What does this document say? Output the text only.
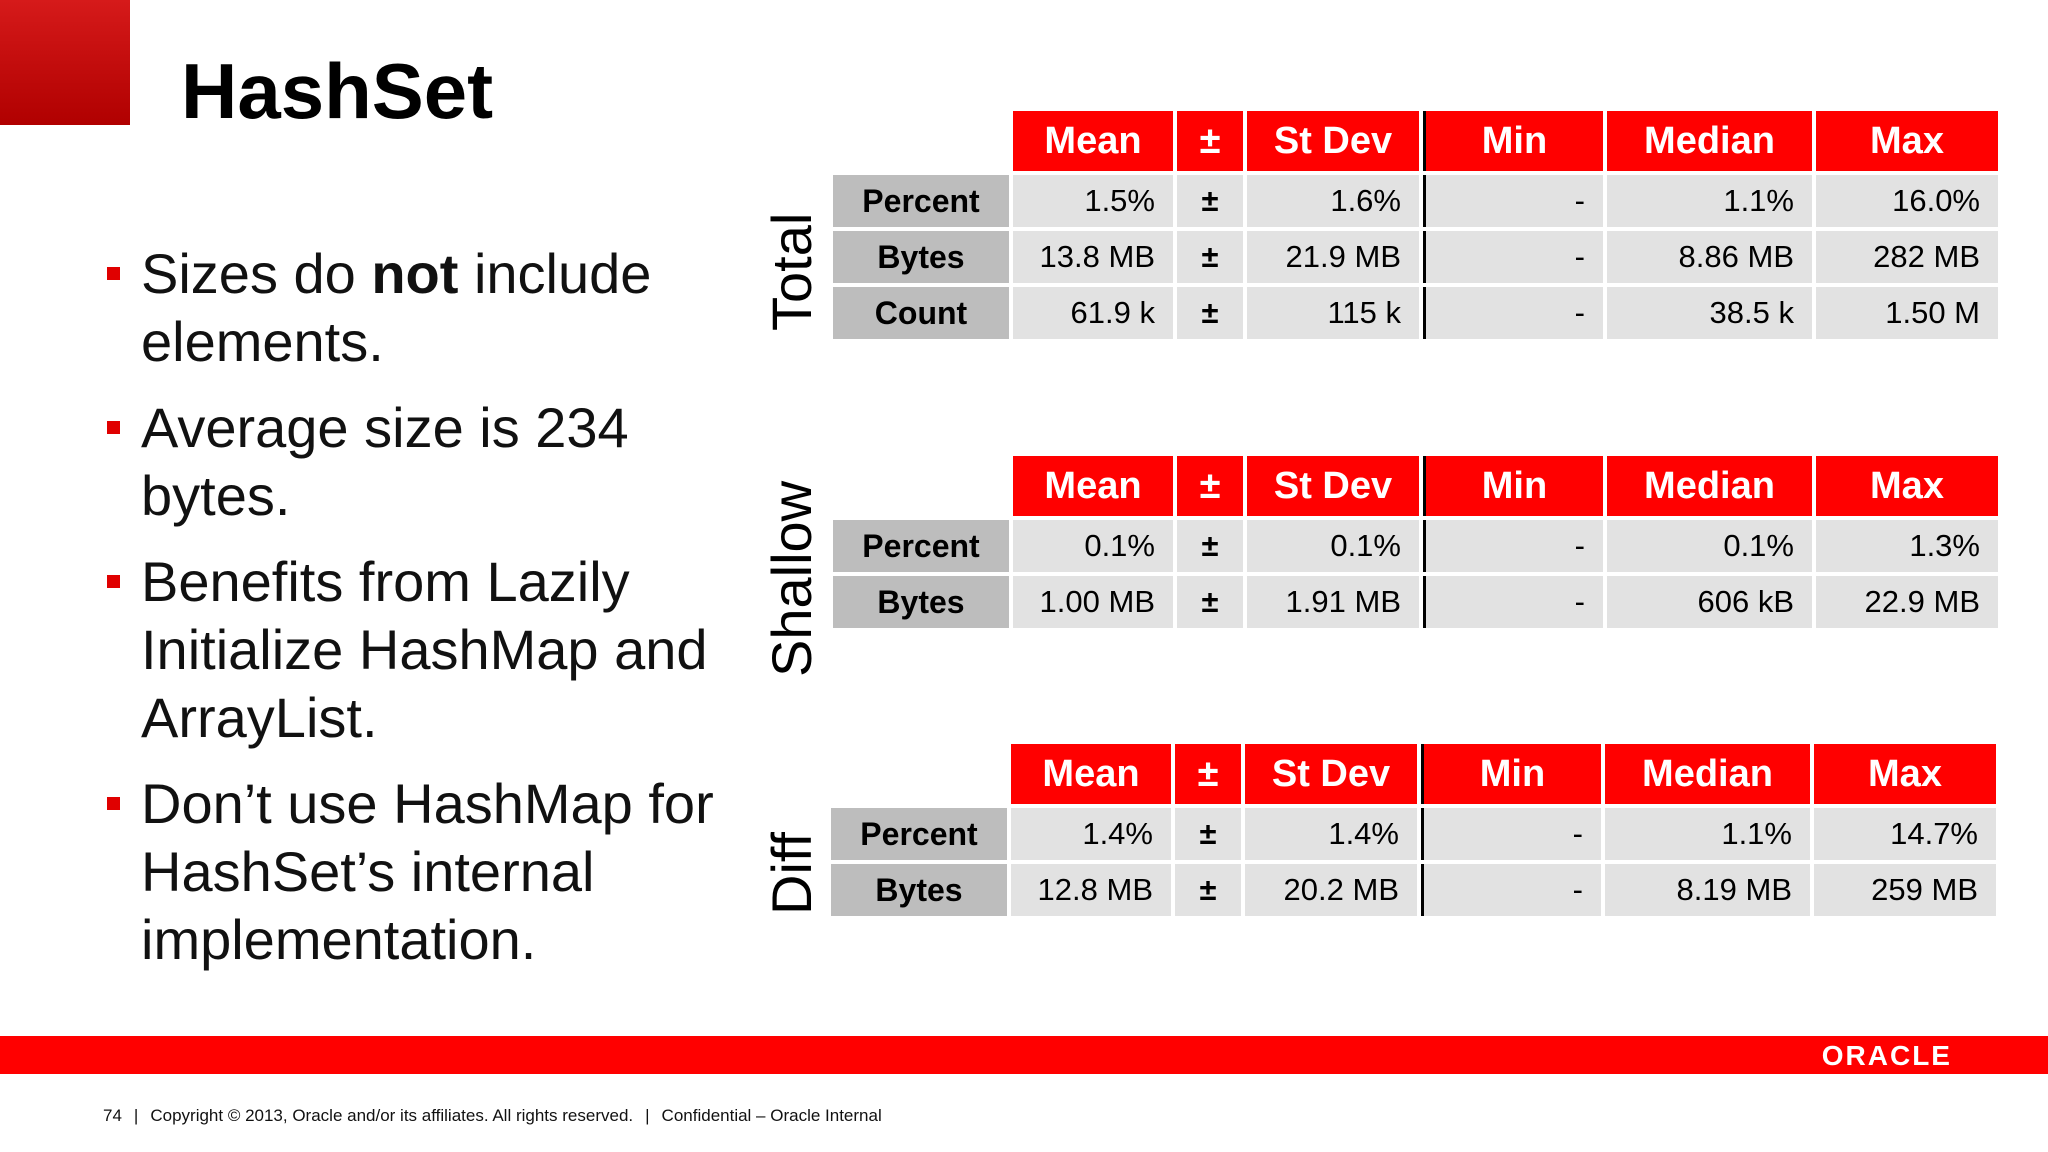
HashSet
Sizes do not include elements.
Average size is 234 bytes.
Benefits from Lazily Initialize HashMap and ArrayList.
Don’t use HashMap for HashSet’s internal implementation.
Total
Shallow
Diff
	Mean	±	St Dev	Min	Median	Max
Percent	1.5%	±	1.6%	-	1.1%	16.0%
Bytes	13.8 MB	±	21.9 MB	-	8.86 MB	282 MB
Count	61.9 k	±	115 k	-	38.5 k	1.50 M
	Mean	±	St Dev	Min	Median	Max
Percent	0.1%	±	0.1%	-	0.1%	1.3%
Bytes	1.00 MB	±	1.91 MB	-	606 kB	22.9 MB
	Mean	±	St Dev	Min	Median	Max
Percent	1.4%	±	1.4%	-	1.1%	14.7%
Bytes	12.8 MB	±	20.2 MB	-	8.19 MB	259 MB
ORACLE
74 | Copyright © 2013, Oracle and/or its affiliates. All rights reserved. | Confidential – Oracle Internal
